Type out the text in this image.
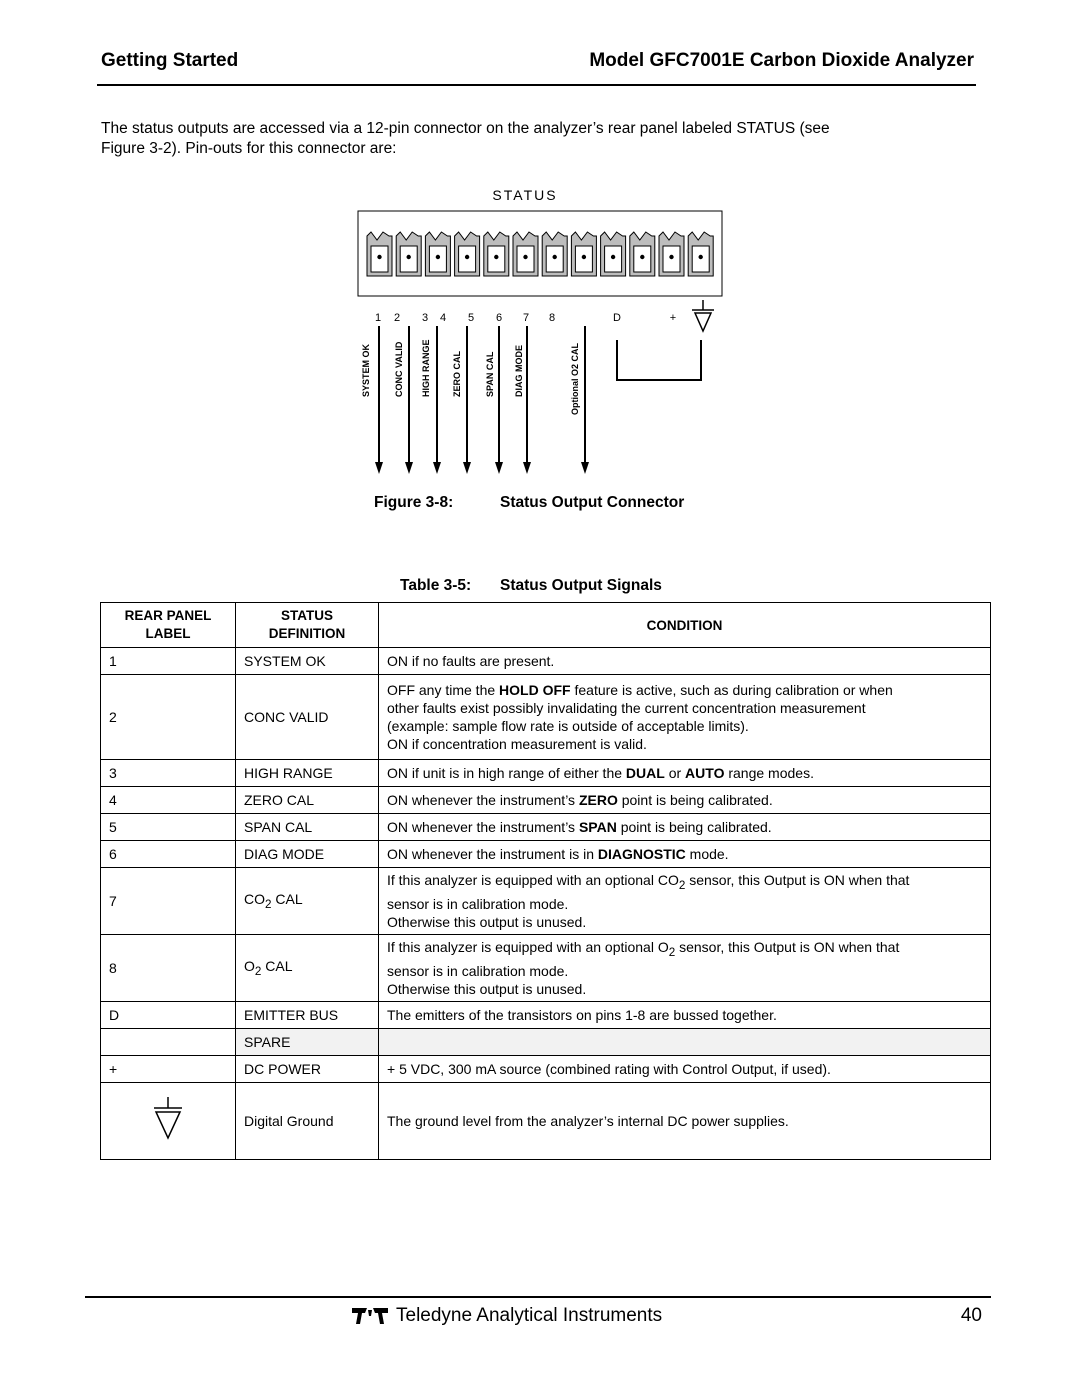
Getting Started	Model GFC7001E Carbon Dioxide Analyzer
The status outputs are accessed via a 12-pin connector on the analyzer’s rear panel labeled STATUS (see
Figure 3-2). Pin-outs for this connector are:
STATUS
1 2 3 4 5 6 7 8	D	+
SYSTEM OK	CONC VALID HIGH RANGE ZERO CAL	SPAN CAL DIAG MODE	Optional O2 CAL
Figure 3-8:	Status Output Connector
Table 3-5: Status Output Signals
REAR PANEL
LABEL	STATUS
DEFINITION	CONDITION
1	SYSTEM OK	ON if no faults are present.
2	CONC VALID	OFF any time the HOLD OFF feature is active, such as during calibration or when
other faults exist possibly invalidating the current concentration measurement
(example: sample flow rate is outside of acceptable limits).
ON if concentration measurement is valid.

3	HIGH RANGE	ON if unit is in high range of either the DUAL or AUTO range modes.
4	ZERO CAL	ON whenever the instrument’s ZERO point is being calibrated.
5	SPAN CAL	ON whenever the instrument’s SPAN point is being calibrated.
6	DIAG MODE	ON whenever the instrument is in DIAGNOSTIC mode.
7	$CO_2$ CAL	If this analyzer is equipped with an optional $CO_2$ sensor, this Output is ON when that
sensor is in calibration mode.
Otherwise this output is unused.

8	$O_2$ CAL	If this analyzer is equipped with an optional $O_2$ sensor, this Output is ON when that
sensor is in calibration mode.
Otherwise this output is unused.

D	EMITTER BUS	The emitters of the transistors on pins 1-8 are bussed together.
	SPARE	
+	DC POWER	+ 5 VDC, 300 mA source (combined rating with Control Output, if used).
	Digital Ground	The ground level from the analyzer’s internal DC power supplies.
Teledyne Analytical Instruments	40
